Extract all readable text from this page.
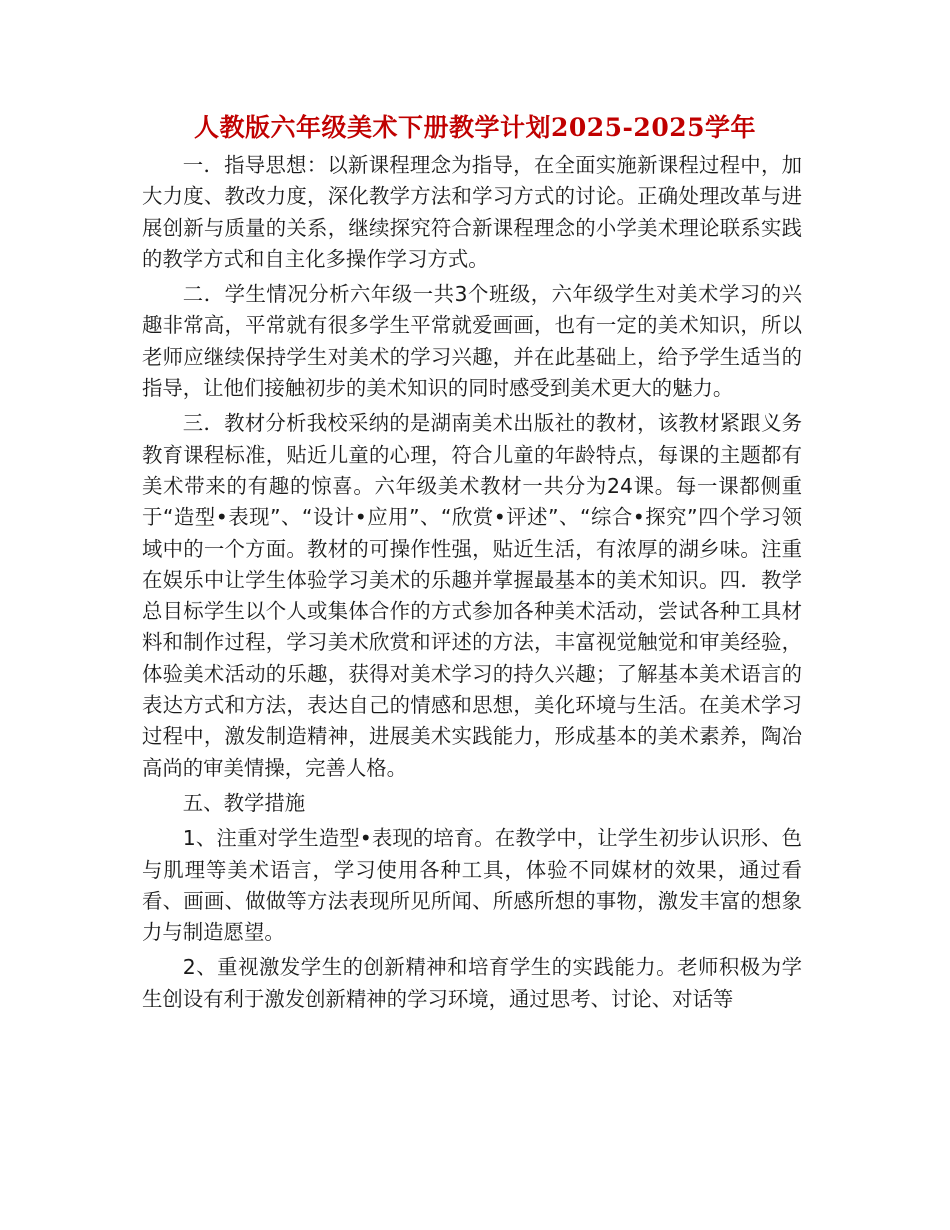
人教版六年级美术下册教学计划2025-2025学年

一．指导思想：以新课程理念为指导，在全面实施新课程过程中，加大力度、教改力度，深化教学方法和学习方式的讨论。正确处理改革与进展创新与质量的关系，继续探究符合新课程理念的小学美术理论联系实践的教学方式和自主化多操作学习方式。

二．学生情况分析六年级一共3个班级，六年级学生对美术学习的兴趣非常高，平常就有很多学生平常就爱画画，也有一定的美术知识，所以老师应继续保持学生对美术的学习兴趣，并在此基础上，给予学生适当的指导，让他们接触初步的美术知识的同时感受到美术更大的魅力。

三．教材分析我校采纳的是湖南美术出版社的教材，该教材紧跟义务教育课程标准，贴近儿童的心理，符合儿童的年龄特点，每课的主题都有美术带来的有趣的惊喜。六年级美术教材一共分为24课。每一课都侧重于“造型•表现”、“设计•应用”、“欣赏•评述”、“综合•探究”四个学习领域中的一个方面。教材的可操作性强，贴近生活，有浓厚的湖乡味。注重在娱乐中让学生体验学习美术的乐趣并掌握最基本的美术知识。四．教学总目标学生以个人或集体合作的方式参加各种美术活动，尝试各种工具材料和制作过程，学习美术欣赏和评述的方法，丰富视觉触觉和审美经验，体验美术活动的乐趣，获得对美术学习的持久兴趣；了解基本美术语言的表达方式和方法，表达自己的情感和思想，美化环境与生活。在美术学习过程中，激发制造精神，进展美术实践能力，形成基本的美术素养，陶冶高尚的审美情操，完善人格。

五、教学措施

1、注重对学生造型•表现的培育。在教学中，让学生初步认识形、色与肌理等美术语言，学习使用各种工具，体验不同媒材的效果，通过看看、画画、做做等方法表现所见所闻、所感所想的事物，激发丰富的想象力与制造愿望。

2、重视激发学生的创新精神和培育学生的实践能力。老师积极为学生创设有利于激发创新精神的学习环境，通过思考、讨论、对话等
